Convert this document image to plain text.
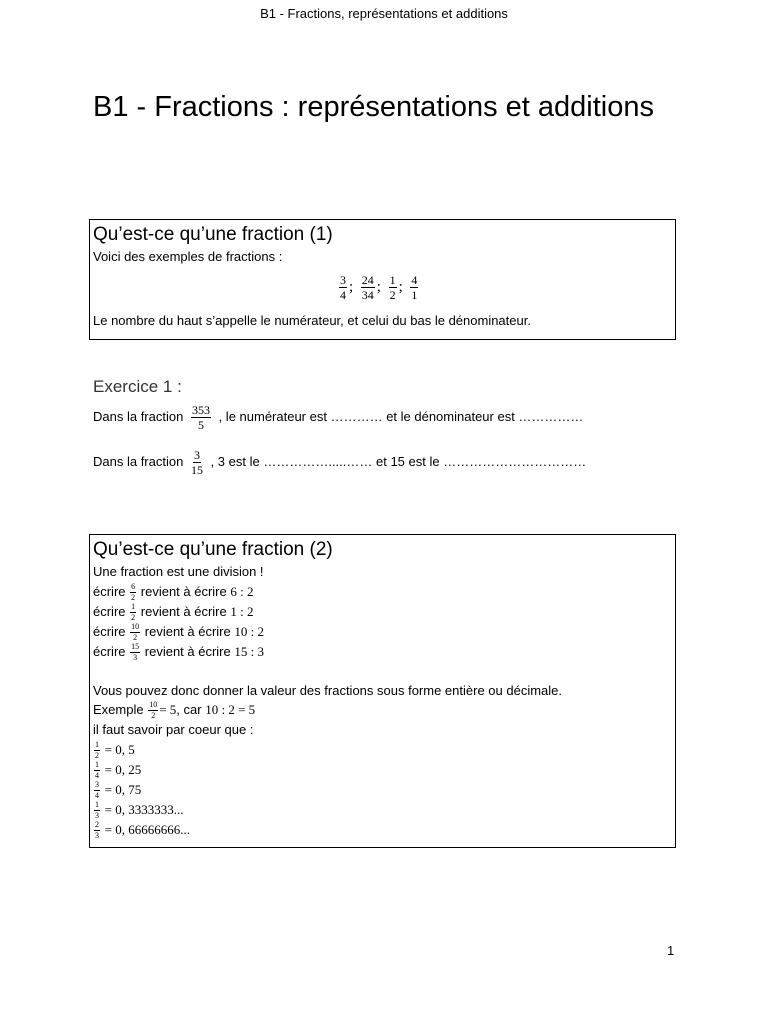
B1 - Fractions, représentations et additions
B1 - Fractions : représentations et additions
Qu’est-ce qu’une fraction (1)
Voici des exemples de fractions :
Le nombre du haut s’appelle le numérateur, et celui du bas le dénominateur.
$\frac{3}{4}$ ; $\frac{24}{34}$ ; $\frac{1}{2}$ ; $\frac{4}{1}$
Exercice 1 :
Dans la fraction $\frac{353}{5}$ , le numérateur est ………… et le dénominateur est ……………
Dans la fraction $\frac{3}{15}$ , 3 est le …………….....…… et 15 est le ……………………………
Qu’est-ce qu’une fraction (2)
Une fraction est une division !
écrire $\frac{6}{2}$ revient à écrire 6 : 2
écrire $\frac{1}{2}$ revient à écrire 1 : 2
écrire $\frac{10}{2}$ revient à écrire 10 : 2
écrire $\frac{15}{3}$ revient à écrire 15 : 3
Vous pouvez donc donner la valeur des fractions sous forme entière ou décimale.
Exemple $\frac{10}{2} = 5$, car 10 : 2 = 5
il faut savoir par coeur que :
$\frac{1}{2} = 0$, 5
$\frac{1}{4} = 0$, 25
$\frac{3}{4} = 0$, 75
$\frac{1}{3} = 0$, 3333333...
$\frac{2}{3} = 0$, 66666666...
1
